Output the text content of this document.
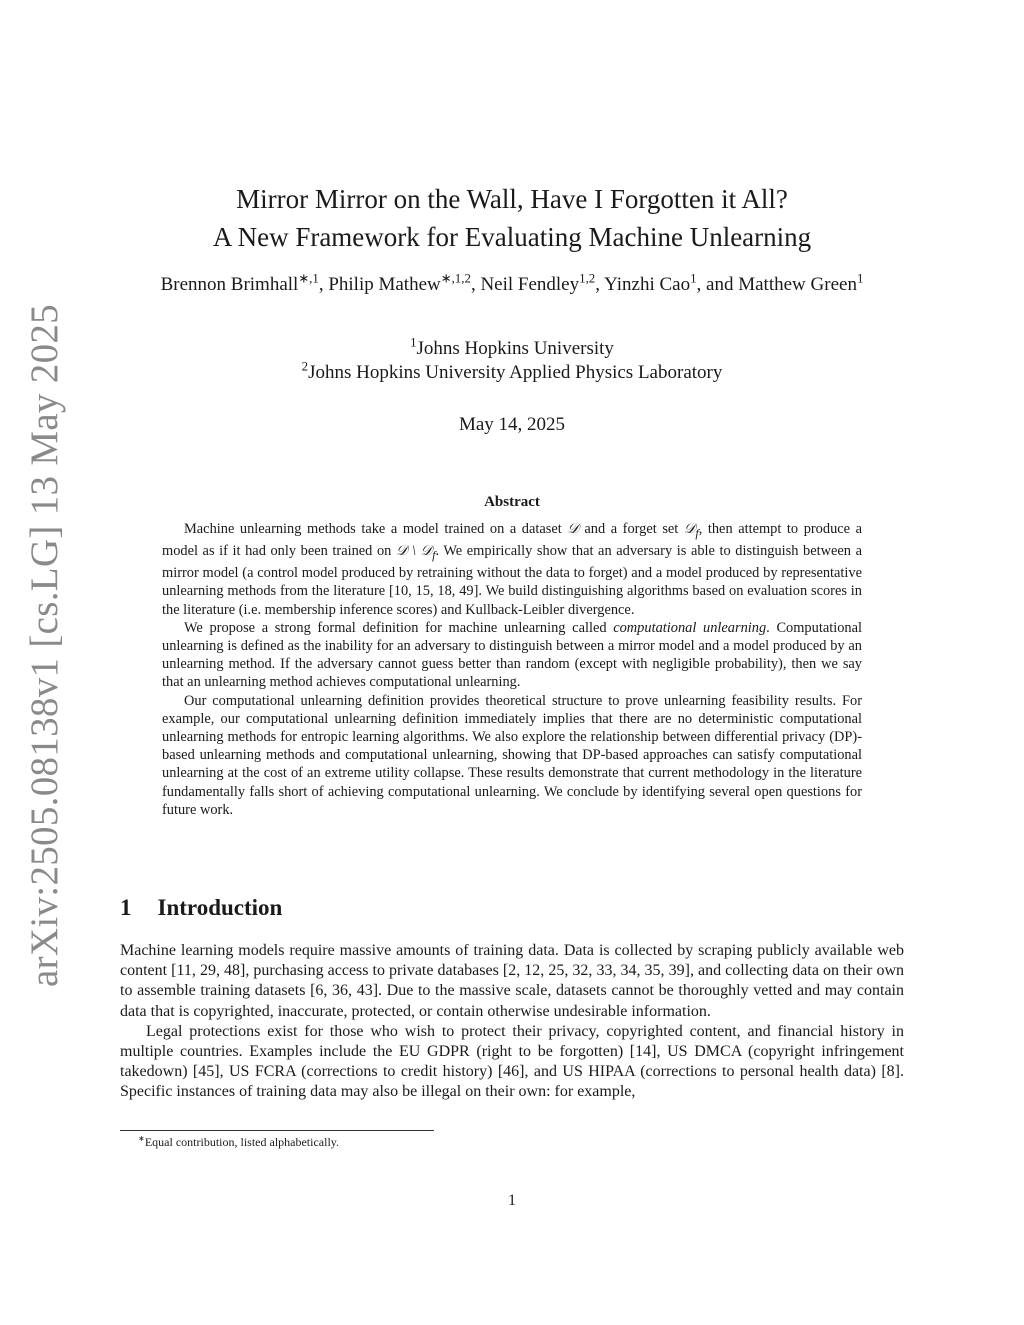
arXiv:2505.08138v1 [cs.LG] 13 May 2025
Mirror Mirror on the Wall, Have I Forgotten it All?
A New Framework for Evaluating Machine Unlearning
Brennon Brimhall$^{∗,1}$, Philip Mathew$^{∗,1,2}$, Neil Fendley$^{1,2}$, Yinzhi Cao$^1$, and Matthew Green$^1$
$^1$Johns Hopkins University
$^2$Johns Hopkins University Applied Physics Laboratory
May 14, 2025
Abstract

Machine unlearning methods take a model trained on a dataset 𝒟 and a forget set 𝒟$_f$, then attempt to produce a model as if it had only been trained on 𝒟 \ 𝒟$_f$. We empirically show that an adversary is able to distinguish between a mirror model (a control model produced by retraining without the data to forget) and a model produced by representative unlearning methods from the literature [10, 15, 18, 49]. We build distinguishing algorithms based on evaluation scores in the literature (i.e. membership inference scores) and Kullback-Leibler divergence.

We propose a strong formal definition for machine unlearning called computational unlearning. Computational unlearning is defined as the inability for an adversary to distinguish between a mirror model and a model produced by an unlearning method. If the adversary cannot guess better than random (except with negligible probability), then we say that an unlearning method achieves computational unlearning.

Our computational unlearning definition provides theoretical structure to prove unlearning feasibility results. For example, our computational unlearning definition immediately implies that there are no deterministic computational unlearning methods for entropic learning algorithms. We also explore the relationship between differential privacy (DP)-based unlearning methods and computational unlearning, showing that DP-based approaches can satisfy computational unlearning at the cost of an extreme utility collapse. These results demonstrate that current methodology in the literature fundamentally falls short of achieving computational unlearning. We conclude by identifying several open questions for future work.

1 Introduction

Machine learning models require massive amounts of training data. Data is collected by scraping publicly available web content [11, 29, 48], purchasing access to private databases [2, 12, 25, 32, 33, 34, 35, 39], and collecting data on their own to assemble training datasets [6, 36, 43]. Due to the massive scale, datasets cannot be thoroughly vetted and may contain data that is copyrighted, inaccurate, protected, or contain otherwise undesirable information.

Legal protections exist for those who wish to protect their privacy, copyrighted content, and financial history in multiple countries. Examples include the EU GDPR (right to be forgotten) [14], US DMCA (copyright infringement takedown) [45], US FCRA (corrections to credit history) [46], and US HIPAA (corrections to personal health data) [8]. Specific instances of training data may also be illegal on their own: for example,

∗Equal contribution, listed alphabetically.
1
